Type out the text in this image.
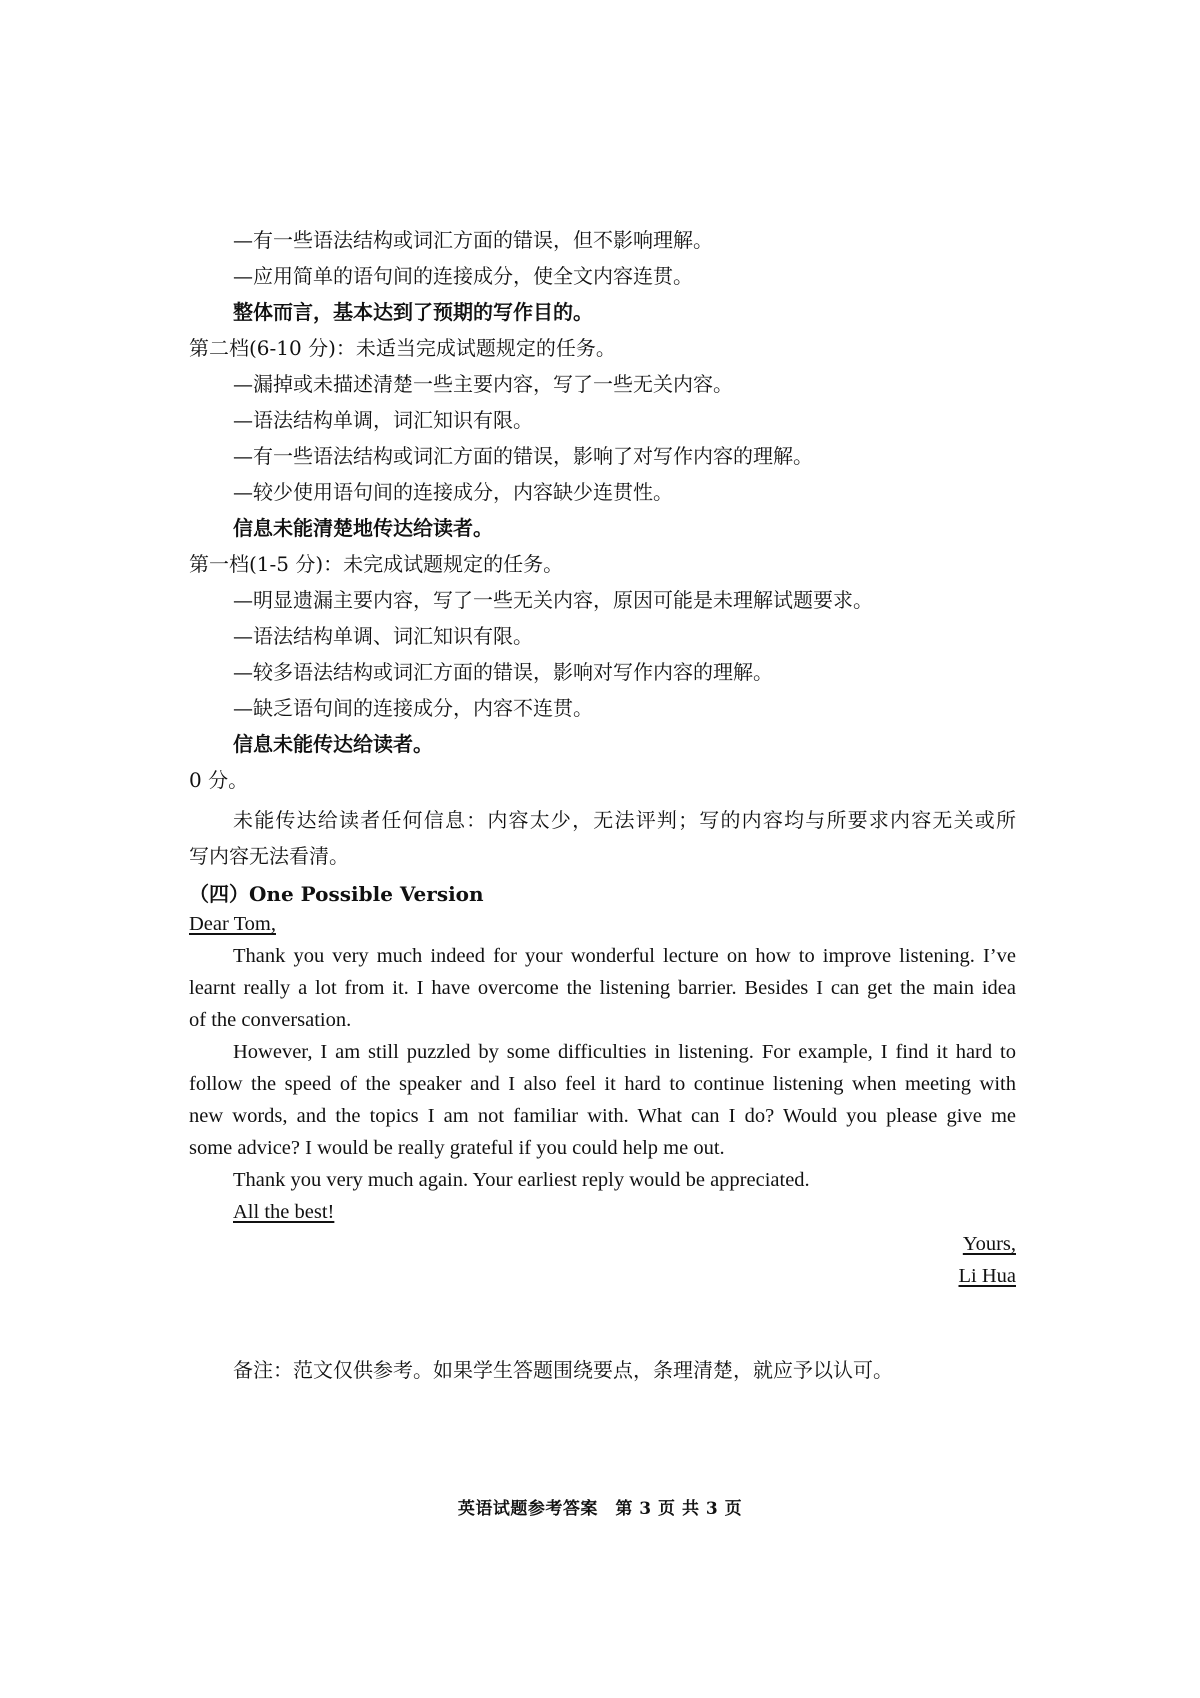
—有一些语法结构或词汇方面的错误，但不影响理解。

—应用简单的语句间的连接成分，使全文内容连贯。

整体而言，基本达到了预期的写作目的。

第二档(6-10 分)：未适当完成试题规定的任务。

—漏掉或未描述清楚一些主要内容，写了一些无关内容。

—语法结构单调，词汇知识有限。

—有一些语法结构或词汇方面的错误，影响了对写作内容的理解。

—较少使用语句间的连接成分，内容缺少连贯性。

信息未能清楚地传达给读者。

第一档(1-5 分)：未完成试题规定的任务。

—明显遗漏主要内容，写了一些无关内容，原因可能是未理解试题要求。

—语法结构单调、词汇知识有限。

—较多语法结构或词汇方面的错误，影响对写作内容的理解。

—缺乏语句间的连接成分，内容不连贯。

信息未能传达给读者。

0 分。

未能传达给读者任何信息：内容太少，无法评判；写的内容均与所要求内容无关或所

写内容无法看清。

（四）One Possible Version

Dear Tom,

Thank you very much indeed for your wonderful lecture on how to improve listening. I’ve

learnt really a lot from it. I have overcome the listening barrier. Besides I can get the main idea

of the conversation.

However, I am still puzzled by some difficulties in listening. For example, I find it hard to

follow the speed of the speaker and I also feel it hard to continue listening when meeting with

new words, and the topics I am not familiar with. What can I do? Would you please give me

some advice? I would be really grateful if you could help me out.

Thank you very much again. Your earliest reply would be appreciated.

All the best!

Yours,

Li Hua

备注：范文仅供参考。如果学生答题围绕要点，条理清楚，就应予以认可。

英语试题参考答案　第 3 页 共 3 页
